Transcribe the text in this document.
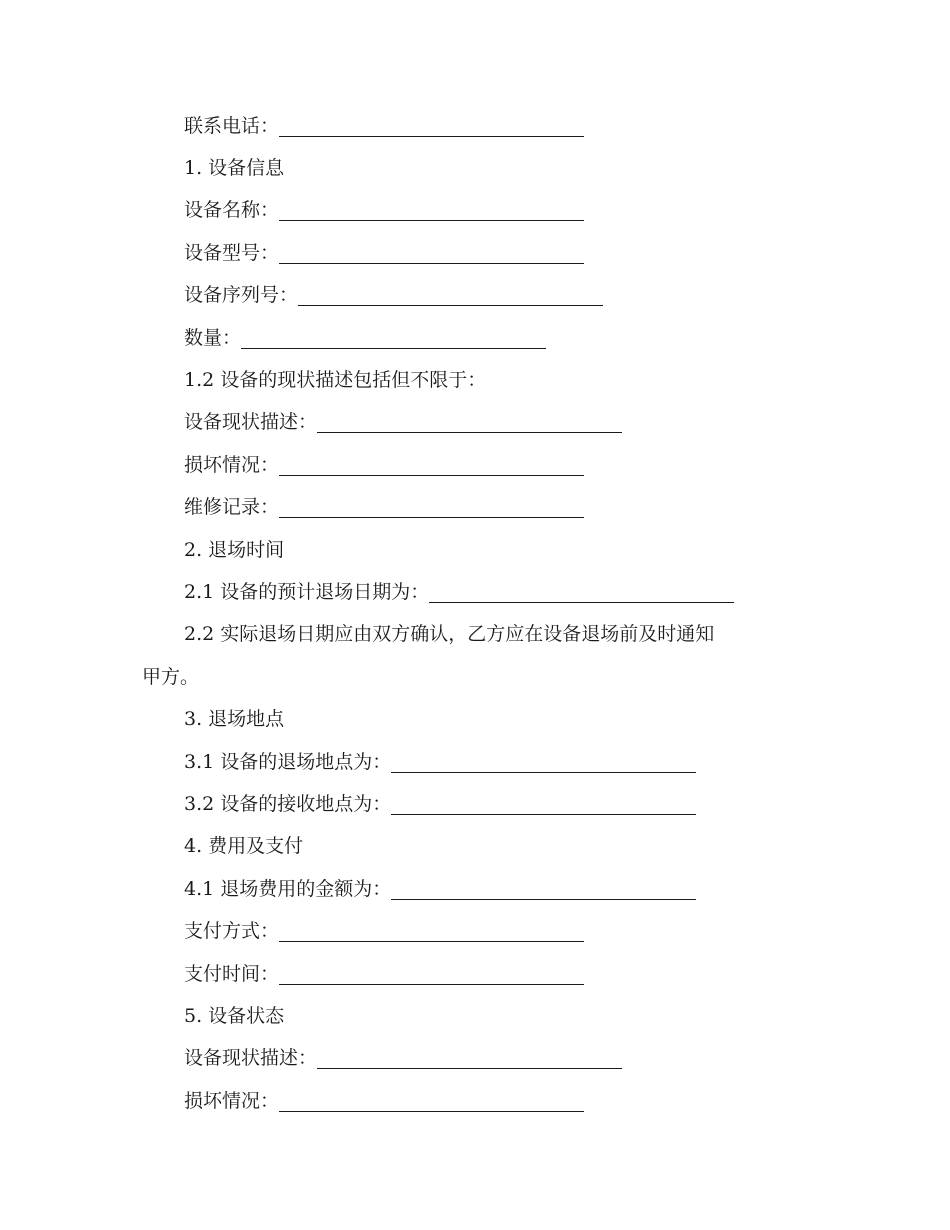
联系电话：
1. 设备信息
设备名称：
设备型号：
设备序列号：
数量：
1.2 设备的现状描述包括但不限于：
设备现状描述：
损坏情况：
维修记录：
2. 退场时间
2.1 设备的预计退场日期为：
2.2 实际退场日期应由双方确认，乙方应在设备退场前及时通知
甲方。
3. 退场地点
3.1 设备的退场地点为：
3.2 设备的接收地点为：
4. 费用及支付
4.1 退场费用的金额为：
支付方式：
支付时间：
5. 设备状态
设备现状描述：
损坏情况：
